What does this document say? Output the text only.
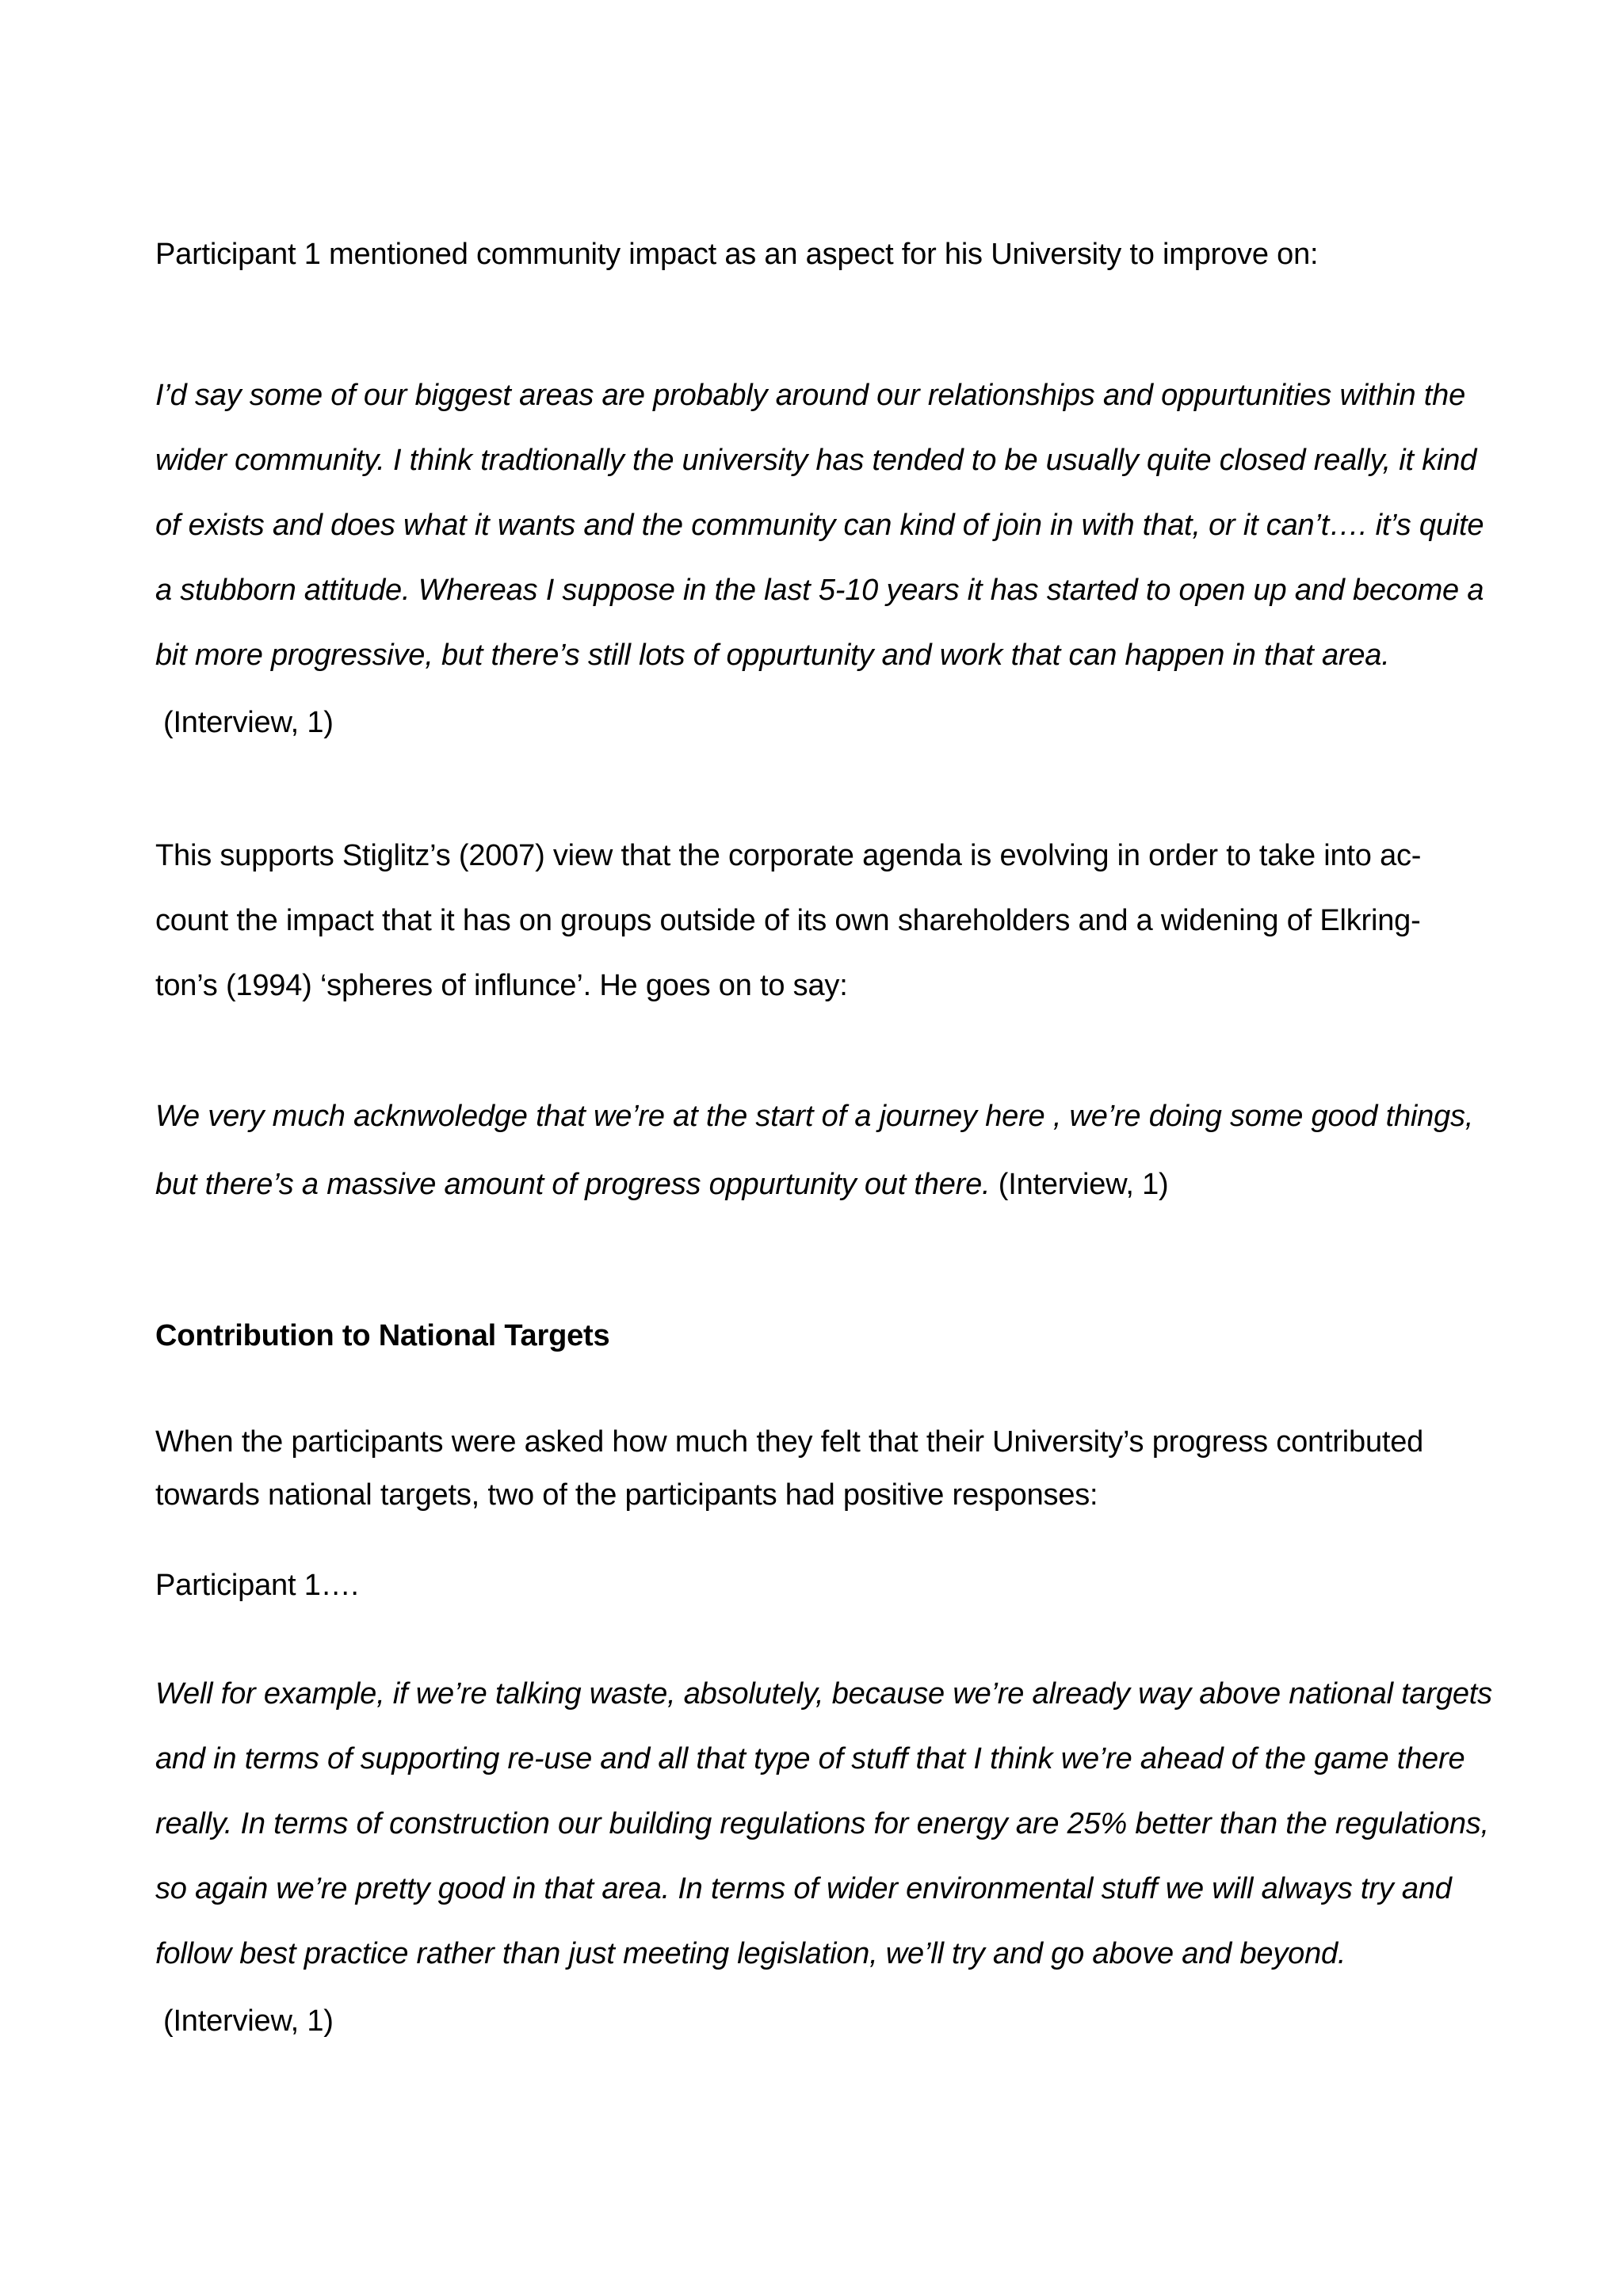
Participant 1 mentioned community impact as an aspect for his University to improve on:
I’d say some of our biggest areas are probably around our relationships and oppurtunities within the
wider community. I think tradtionally the university has tended to be usually quite closed really, it kind
of exists and does what it wants and the community can kind of join in with that, or it can’t…. it’s quite
a stubborn attitude. Whereas I suppose in the last 5-10 years it has started to open up and become a
bit more progressive, but there’s still lots of oppurtunity and work that can happen in that area.
(Interview, 1)
This supports Stiglitz’s (2007) view that the corporate agenda is evolving in order to take into ac-
count the impact that it has on groups outside of its own shareholders and a widening of Elkring-
ton’s (1994) ‘spheres of influnce’. He goes on to say:
We very much acknwoledge that we’re at the start of a journey here , we’re doing some good things,
but there’s a massive amount of progress oppurtunity out there. (Interview, 1)
Contribution to National Targets
When the participants were asked how much they felt that their University’s progress contributed
towards national targets, two of the participants had positive responses:
Participant 1….
Well for example, if we’re talking waste, absolutely, because we’re already way above national targets
and in terms of supporting re-use and all that type of stuff that I think we’re ahead of the game there
really. In terms of construction our building regulations for energy are 25% better than the regulations,
so again we’re pretty good in that area. In terms of wider environmental stuff we will always try and
follow best practice rather than just meeting legislation, we’ll try and go above and beyond.
(Interview, 1)
